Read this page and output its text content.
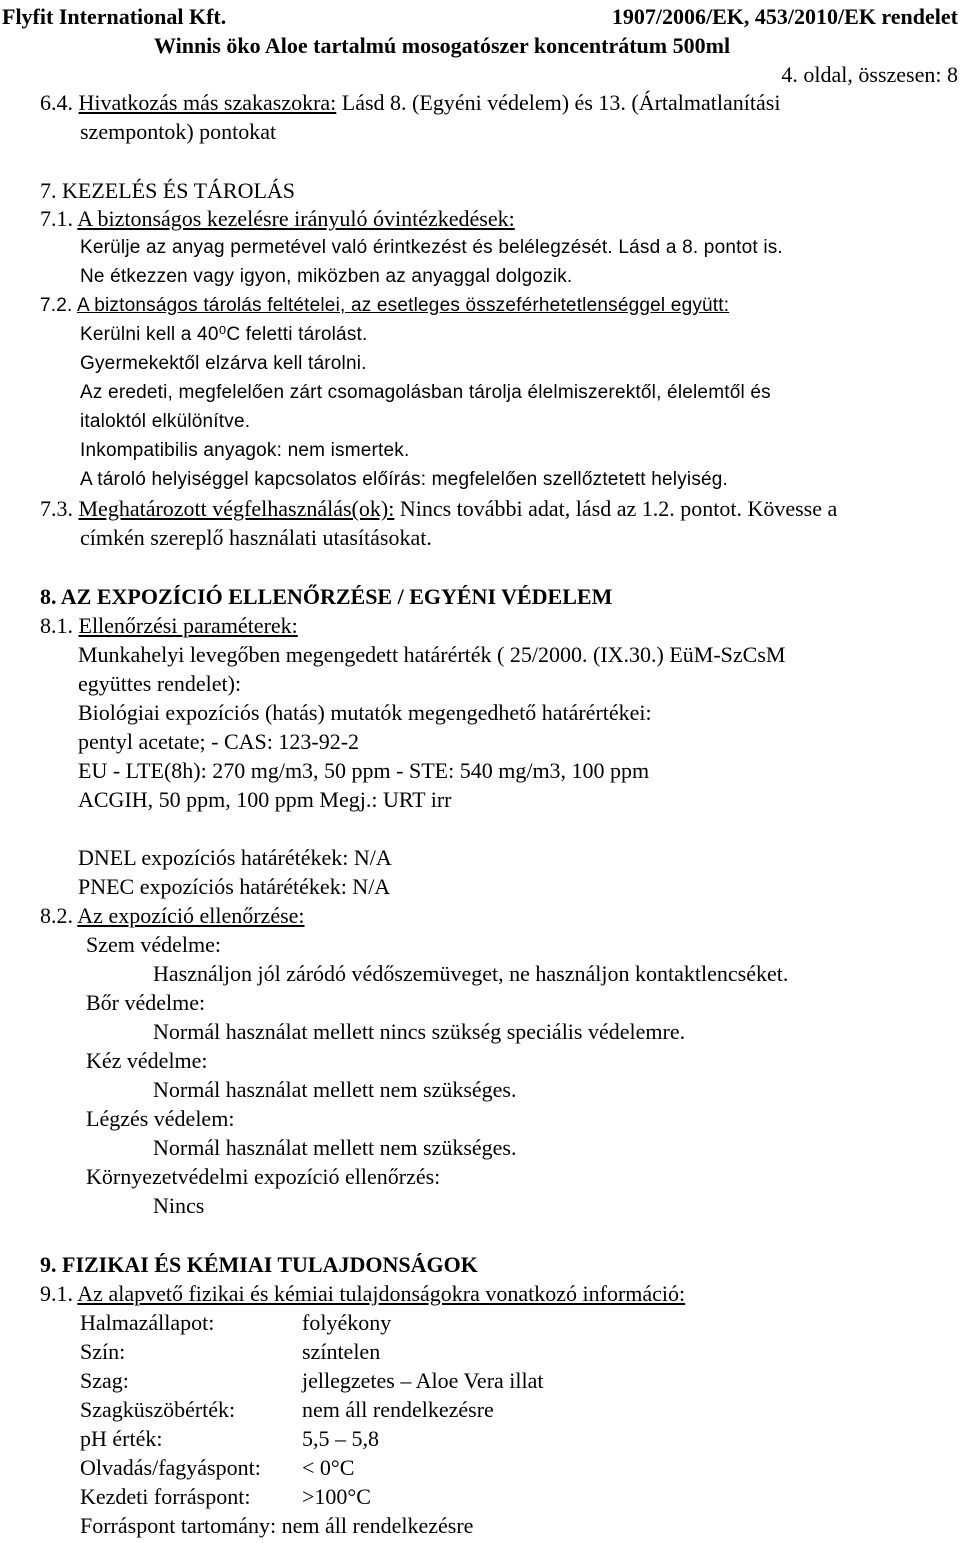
Flyfit International Kft.	1907/2006/EK, 453/2010/EK rendelet
Winnis öko Aloe tartalmú mosogatószer koncentrátum 500ml
4. oldal, összesen: 8
6.4. Hivatkozás más szakaszokra: Lásd 8. (Egyéni védelem) és 13. (Ártalmatlanítási
szempontok) pontokat
7. KEZELÉS ÉS TÁROLÁS
7.1. A biztonságos kezelésre irányuló óvintézkedések:
Kerülje az anyag permetével való érintkezést és belélegzését. Lásd a 8. pontot is.
Ne étkezzen vagy igyon, miközben az anyaggal dolgozik.
7.2. A biztonságos tárolás feltételei, az esetleges összeférhetetlenséggel együtt:
Kerülni kell a 40⁰C feletti tárolást.
Gyermekektől elzárva kell tárolni.
Az eredeti, megfelelően zárt csomagolásban tárolja élelmiszerektől, élelemtől és
italoktól elkülönítve.
Inkompatibilis anyagok: nem ismertek.
A tároló helyiséggel kapcsolatos előírás: megfelelően szellőztetett helyiség.
7.3. Meghatározott végfelhasználás(ok): Nincs további adat, lásd az 1.2. pontot. Kövesse a
címkén szereplő használati utasításokat.
8. AZ EXPOZÍCIÓ ELLENŐRZÉSE / EGYÉNI VÉDELEM
8.1. Ellenőrzési paraméterek:
Munkahelyi levegőben megengedett határérték ( 25/2000. (IX.30.) EüM-SzCsM
együttes rendelet):
Biológiai expozíciós (hatás) mutatók megengedhető határértékei:
pentyl acetate; - CAS: 123-92-2
EU - LTE(8h): 270 mg/m3, 50 ppm - STE: 540 mg/m3, 100 ppm
ACGIH, 50 ppm, 100 ppm Megj.: URT irr
DNEL expozíciós határétékek: N/A
PNEC expozíciós határétékek: N/A
8.2. Az expozíció ellenőrzése:
Szem védelme:
Használjon jól záródó védőszemüveget, ne használjon kontaktlencséket.
Bőr védelme:
Normál használat mellett nincs szükség speciális védelemre.
Kéz védelme:
Normál használat mellett nem szükséges.
Légzés védelem:
Normál használat mellett nem szükséges.
Környezetvédelmi expozíció ellenőrzés:
Nincs
9. FIZIKAI ÉS KÉMIAI TULAJDONSÁGOK
9.1. Az alapvető fizikai és kémiai tulajdonságokra vonatkozó információ:
Halmazállapot:	folyékony
Szín:	színtelen
Szag:	jellegzetes – Aloe Vera illat
Szagküszöbérték:	nem áll rendelkezésre
pH érték:	5,5 – 5,8
Olvadás/fagyáspont: < 0°C
Kezdeti forráspont: >100°C
Forráspont tartomány: nem áll rendelkezésre
